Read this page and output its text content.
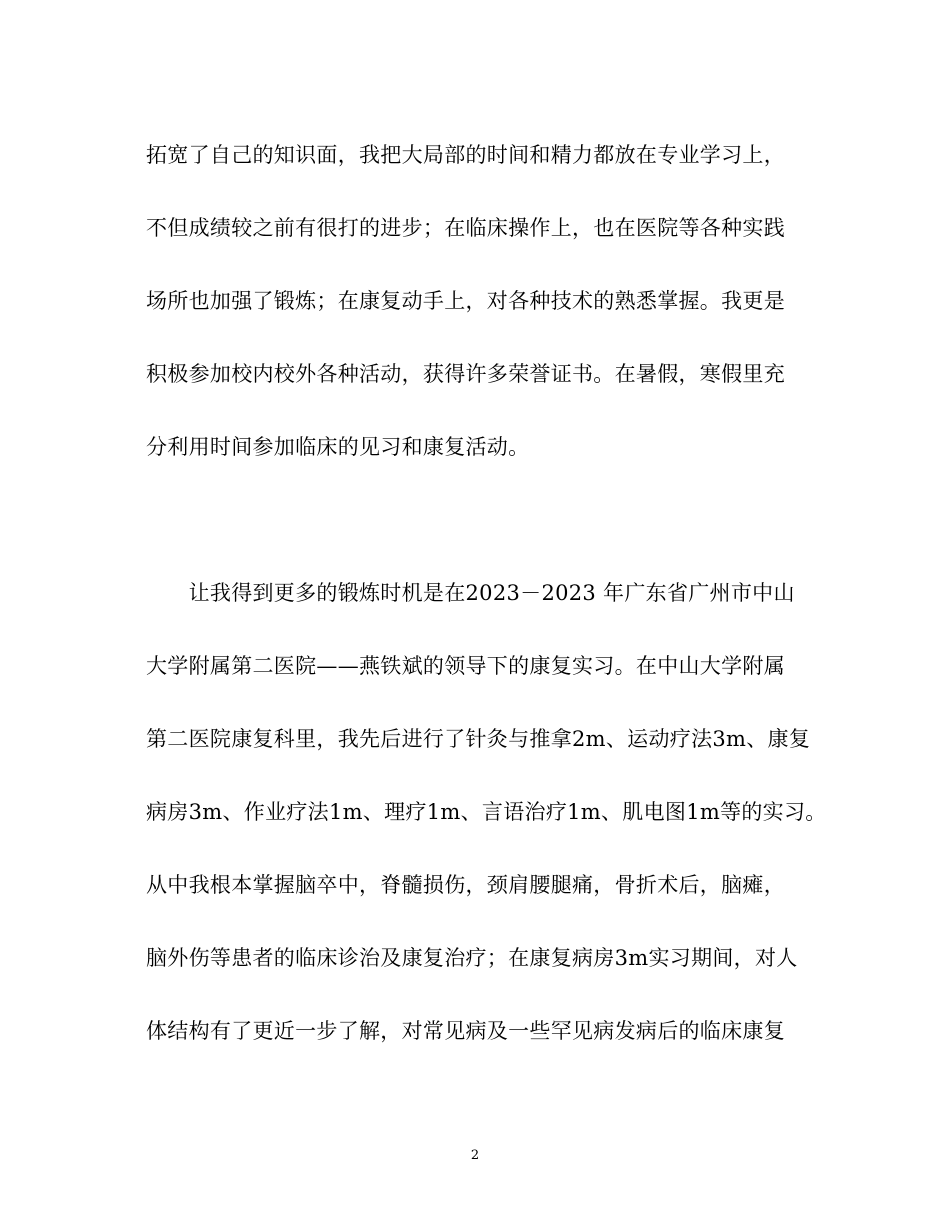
拓宽了自己的知识面，我把大局部的时间和精力都放在专业学习上，
不但成绩较之前有很打的进步；在临床操作上，也在医院等各种实践
场所也加强了锻炼；在康复动手上，对各种技术的熟悉掌握。我更是
积极参加校内校外各种活动，获得许多荣誉证书。在暑假，寒假里充
分利用时间参加临床的见习和康复活动。
　　让我得到更多的锻炼时机是在2023－2023 年广东省广州市中山
大学附属第二医院——燕铁斌的领导下的康复实习。在中山大学附属
第二医院康复科里，我先后进行了针灸与推拿2m、运动疗法3m、康复
病房3m、作业疗法1m、理疗1m、言语治疗1m、肌电图1m等的实习。
从中我根本掌握脑卒中，脊髓损伤，颈肩腰腿痛，骨折术后，脑瘫，
脑外伤等患者的临床诊治及康复治疗；在康复病房3m实习期间，对人
体结构有了更近一步了解，对常见病及一些罕见病发病后的临床康复
2
